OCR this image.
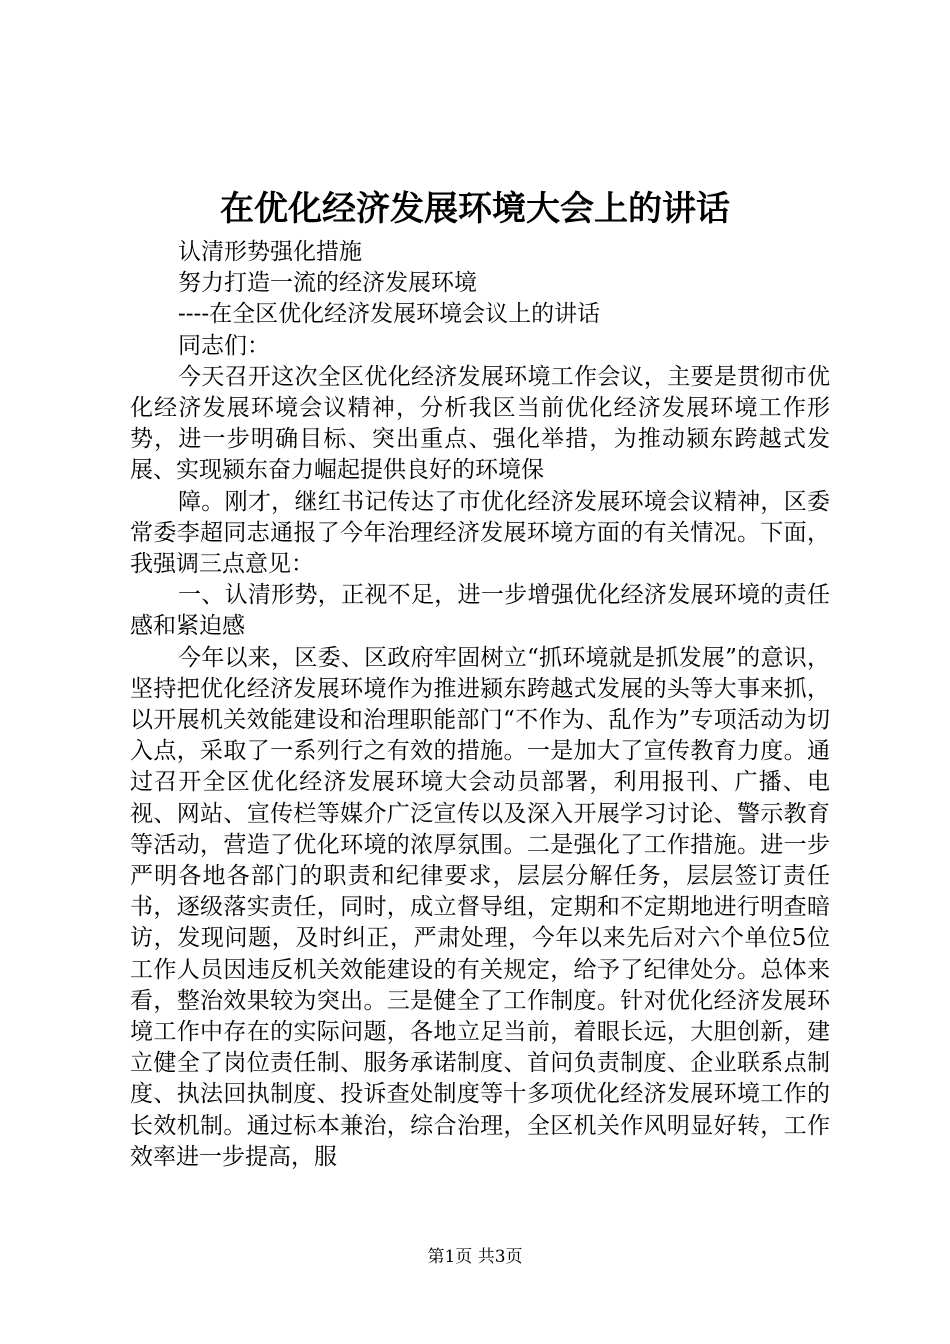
在优化经济发展环境大会上的讲话
认清形势强化措施
努力打造一流的经济发展环境
----在全区优化经济发展环境会议上的讲话
同志们：
今天召开这次全区优化经济发展环境工作会议，主要是贯彻市优化经济发展环境会议精神，分析我区当前优化经济发展环境工作形势，进一步明确目标、突出重点、强化举措，为推动颍东跨越式发展、实现颍东奋力崛起提供良好的环境保
障。刚才，继红书记传达了市优化经济发展环境会议精神，区委常委李超同志通报了今年治理经济发展环境方面的有关情况。下面，我强调三点意见：
一、认清形势，正视不足，进一步增强优化经济发展环境的责任感和紧迫感
今年以来，区委、区政府牢固树立“抓环境就是抓发展”的意识，坚持把优化经济发展环境作为推进颍东跨越式发展的头等大事来抓，以开展机关效能建设和治理职能部门“不作为、乱作为”专项活动为切入点，采取了一系列行之有效的措施。一是加大了宣传教育力度。通过召开全区优化经济发展环境大会动员部署，利用报刊、广播、电视、网站、宣传栏等媒介广泛宣传以及深入开展学习讨论、警示教育等活动，营造了优化环境的浓厚氛围。二是强化了工作措施。进一步严明各地各部门的职责和纪律要求，层层分解任务，层层签订责任书，逐级落实责任，同时，成立督导组，定期和不定期地进行明查暗访，发现问题，及时纠正，严肃处理，今年以来先后对六个单位5位工作人员因违反机关效能建设的有关规定，给予了纪律处分。总体来看，整治效果较为突出。三是健全了工作制度。针对优化经济发展环境工作中存在的实际问题，各地立足当前，着眼长远，大胆创新，建立健全了岗位责任制、服务承诺制度、首问负责制度、企业联系点制度、执法回执制度、投诉查处制度等十多项优化经济发展环境工作的长效机制。通过标本兼治，综合治理，全区机关作风明显好转，工作效率进一步提高，服
第1页 共3页
